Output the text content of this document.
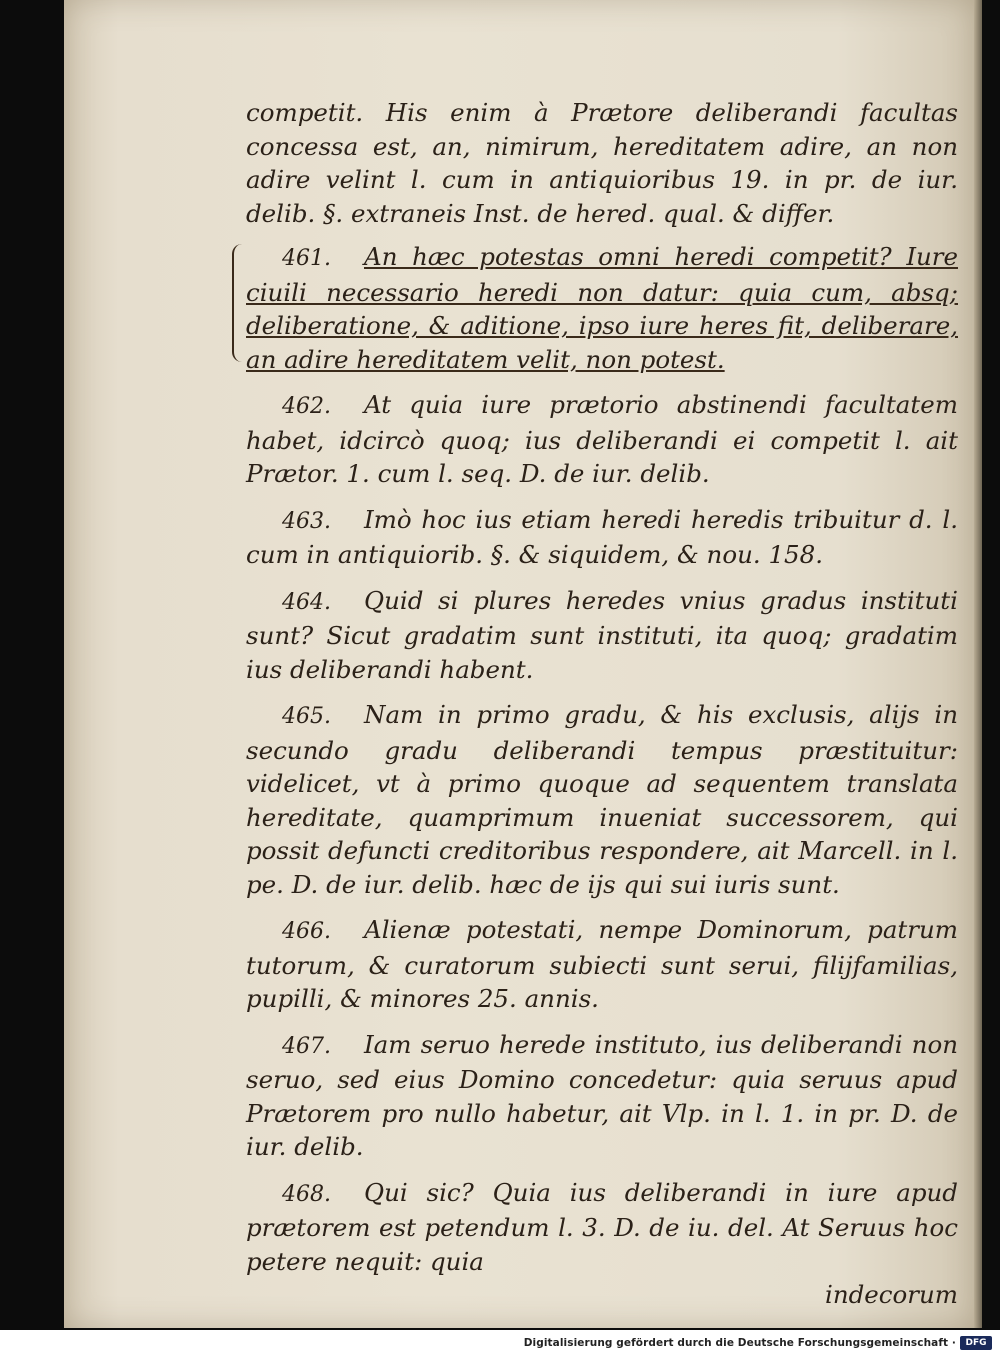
competit. His enim à Prætore deliberandi facultas concessa est, an, nimirum, hereditatem adire, an non adire velint l. cum in antiquioribus 19. in pr. de iur. delib. §. extraneis Inst. de hered. qual. & differ.

461. An hæc potestas omni heredi competit? Iure ciuili necessario heredi non datur: quia cum, absq; deliberatione, & aditione, ipso iure heres fit, deliberare, an adire hereditatem velit, non potest.

462. At quia iure prætorio abstinendi facultatem habet, idcircò quoq; ius deliberandi ei competit l. ait Prætor. 1. cum l. seq. D. de iur. delib.

463. Imò hoc ius etiam heredi heredis tribuitur d. l. cum in antiquiorib. §. & siquidem, & nou. 158.

464. Quid si plures heredes vnius gradus instituti sunt? Sicut gradatim sunt instituti, ita quoq; gradatim ius deliberandi habent.

465. Nam in primo gradu, & his exclusis, alijs in secundo gradu deliberandi tempus præstituitur: videlicet, vt à primo quoque ad sequentem translata hereditate, quamprimum inueniat successorem, qui possit defuncti creditoribus respondere, ait Marcell. in l. pe. D. de iur. delib. hæc de ijs qui sui iuris sunt.

466. Alienæ potestati, nempe Dominorum, patrum tutorum, & curatorum subiecti sunt serui, filijfamilias, pupilli, & minores 25. annis.

467. Iam seruo herede instituto, ius deliberandi non seruo, sed eius Domino concedetur: quia seruus apud Prætorem pro nullo habetur, ait Vlp. in l. 1. in pr. D. de iur. delib.

468. Qui sic? Quia ius deliberandi in iure apud prætorem est petendum l. 3. D. de iu. del. At Seruus hoc petere nequit: quia

indecorum
Digitalisierung gefördert durch die Deutsche Forschungsgemeinschaft ·	DFG
